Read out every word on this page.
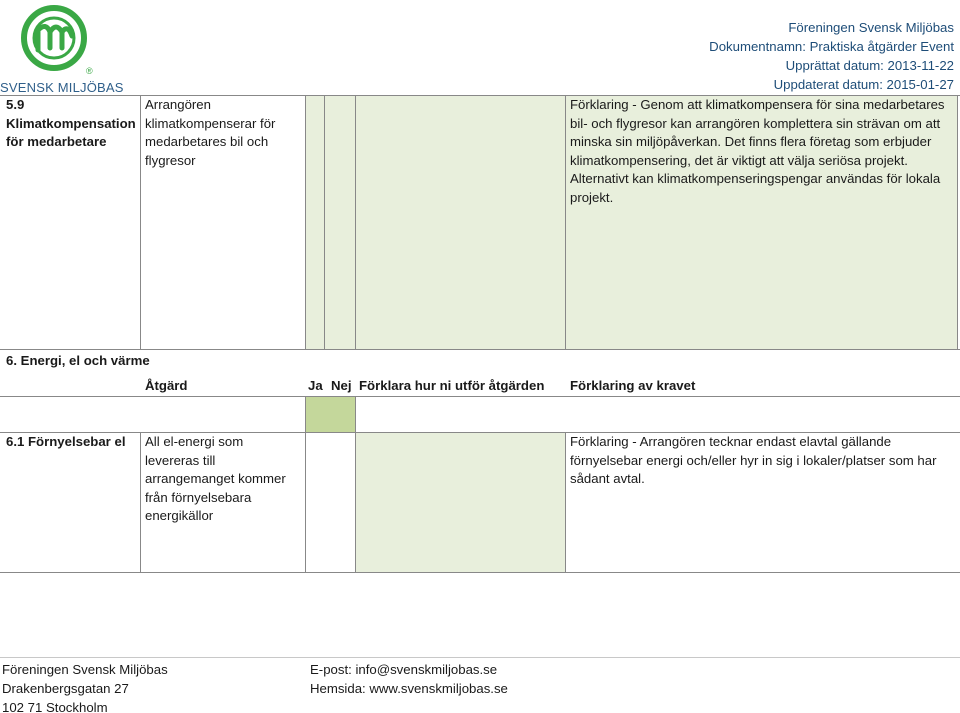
®
SVENSK MILJÖBAS
Föreningen Svensk Miljöbas
Dokumentnamn: Praktiska åtgärder Event
Upprättat datum: 2013-11-22
Uppdaterat datum: 2015-01-27
5.9
Klimatkompensation för medarbetare
Arrangören klimatkompenserar för medarbetares bil och flygresor
Förklaring - Genom att klimatkompensera för sina medarbetares bil- och flygresor kan arrangören komplettera sin strävan om att minska sin miljöpåverkan. Det finns flera företag som erbjuder klimatkompensering, det är viktigt att välja seriösa projekt. Alternativt kan klimatkompenseringspengar användas för lokala projekt.
6. Energi, el och värme
Åtgärd	Ja Nej Förklara hur ni utför åtgärden Förklaring av kravet
6.1 Förnyelsebar el All el-energi som levereras till arrangemanget kommer från förnyelsebara energikällor
Förklaring - Arrangören tecknar endast elavtal gällande förnyelsebar energi och/eller hyr in sig i lokaler/platser som har sådant avtal.
Föreningen Svensk Miljöbas
Drakenbergsgatan 27
102 71 Stockholm
E-post: info@svenskmiljobas.se
Hemsida: www.svenskmiljobas.se
